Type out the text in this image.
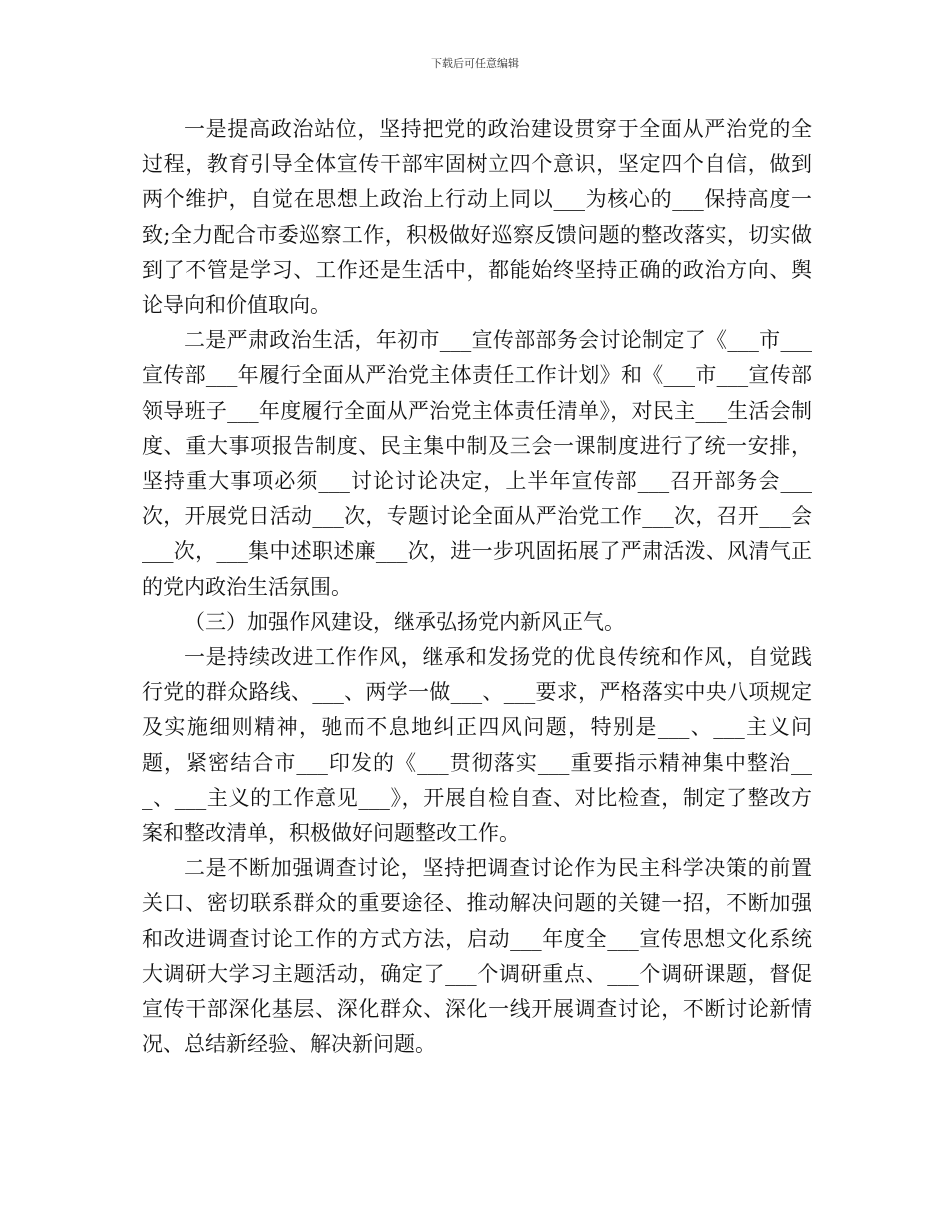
下载后可任意编辑

一是提高政治站位，坚持把党的政治建设贯穿于全面从严治党的全过程，教育引导全体宣传干部牢固树立四个意识，坚定四个自信，做到两个维护，自觉在思想上政治上行动上同以___为核心的___保持高度一致;全力配合市委巡察工作，积极做好巡察反馈问题的整改落实，切实做到了不管是学习、工作还是生活中，都能始终坚持正确的政治方向、舆论导向和价值取向。

二是严肃政治生活，年初市___宣传部部务会讨论制定了《___市___宣传部___年履行全面从严治党主体责任工作计划》和《___市___宣传部领导班子___年度履行全面从严治党主体责任清单》，对民主___生活会制度、重大事项报告制度、民主集中制及三会一课制度进行了统一安排，坚持重大事项必须___讨论讨论决定，上半年宣传部___召开部务会___次，开展党日活动___次，专题讨论全面从严治党工作___次，召开___会___次，___集中述职述廉___次，进一步巩固拓展了严肃活泼、风清气正的党内政治生活氛围。

（三）加强作风建设，继承弘扬党内新风正气。

一是持续改进工作作风，继承和发扬党的优良传统和作风，自觉践行党的群众路线、___、两学一做___、___要求，严格落实中央八项规定及实施细则精神，驰而不息地纠正四风问题，特别是___、___主义问题，紧密结合市___印发的《___贯彻落实___重要指示精神集中整治___、___主义的工作意见___》，开展自检自查、对比检查，制定了整改方案和整改清单，积极做好问题整改工作。

二是不断加强调查讨论，坚持把调查讨论作为民主科学决策的前置关口、密切联系群众的重要途径、推动解决问题的关键一招，不断加强和改进调查讨论工作的方式方法，启动___年度全___宣传思想文化系统大调研大学习主题活动，确定了___个调研重点、___个调研课题，督促宣传干部深化基层、深化群众、深化一线开展调查讨论，不断讨论新情况、总结新经验、解决新问题。
